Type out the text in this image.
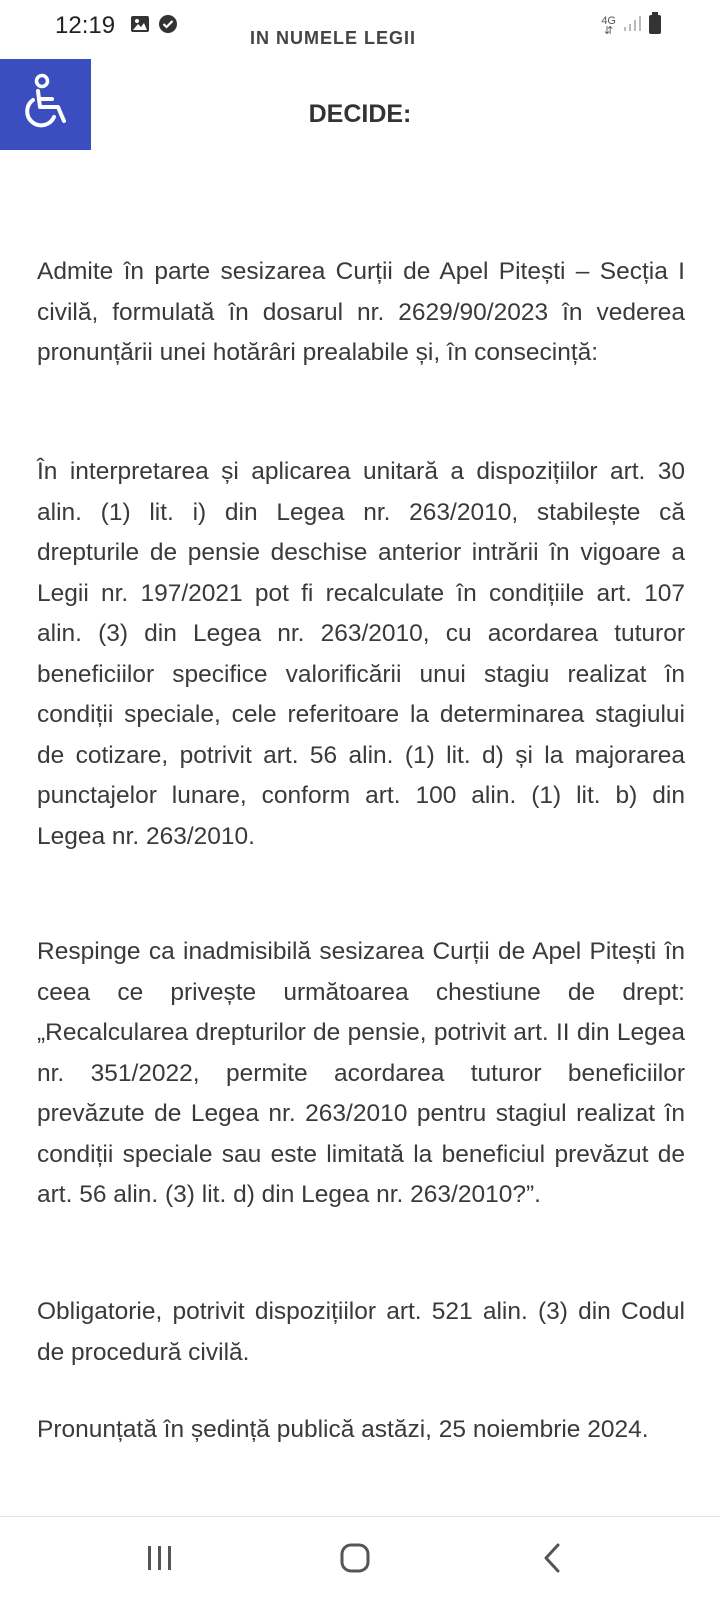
12:19	4G
⇵
IN NUMELE LEGII
DECIDE:

Admite în parte sesizarea Curții de Apel Pitești – Secția I civilă, formulată în dosarul nr. 2629/90/2023 în vederea pronunțării unei hotărâri prealabile și, în consecință:

În interpretarea și aplicarea unitară a dispozițiilor art. 30 alin. (1) lit. i) din Legea nr. 263/2010, stabilește că drepturile de pensie deschise anterior intrării în vigoare a Legii nr. 197/2021 pot fi recalculate în condițiile art. 107 alin. (3) din Legea nr. 263/2010, cu acordarea tuturor beneficiilor specifice valorificării unui stagiu realizat în condiții speciale, cele referitoare la determinarea stagiului de cotizare, potrivit art. 56 alin. (1) lit. d) și la majorarea punctajelor lunare, conform art. 100 alin. (1) lit. b) din Legea nr. 263/2010.

Respinge ca inadmisibilă sesizarea Curții de Apel Pitești în ceea ce privește următoarea chestiune de drept: „Recalcularea drepturilor de pensie, potrivit art. II din Legea nr. 351/2022, permite acordarea tuturor beneficiilor prevăzute de Legea nr. 263/2010 pentru stagiul realizat în condiții speciale sau este limitată la beneficiul prevăzut de art. 56 alin. (3) lit. d) din Legea nr. 263/2010?”.

Obligatorie, potrivit dispozițiilor art. 521 alin. (3) din Codul de procedură civilă.

Pronunțată în ședință publică astăzi, 25 noiembrie 2024.
